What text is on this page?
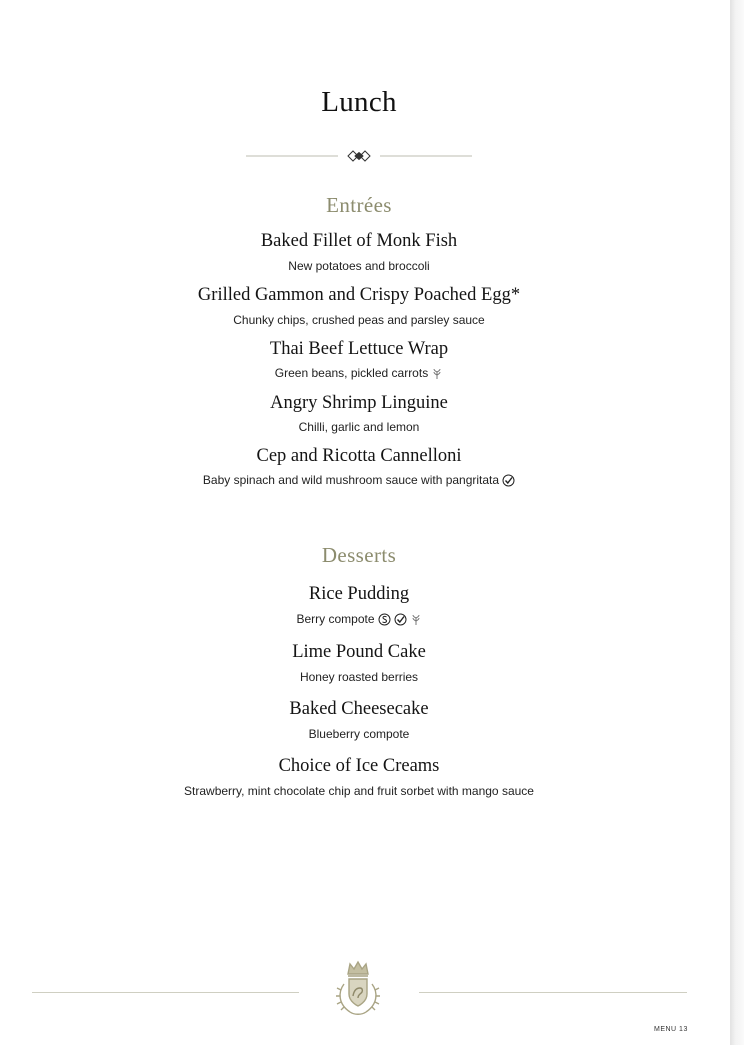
Lunch
Entrées
Baked Fillet of Monk Fish
New potatoes and broccoli
Grilled Gammon and Crispy Poached Egg*
Chunky chips, crushed peas and parsley sauce
Thai Beef Lettuce Wrap
Green beans, pickled carrots
Angry Shrimp Linguine
Chilli, garlic and lemon
Cep and Ricotta Cannelloni
Baby spinach and wild mushroom sauce with pangritata
Desserts
Rice Pudding
Berry compote
Lime Pound Cake
Honey roasted berries
Baked Cheesecake
Blueberry compote
Choice of Ice Creams
Strawberry, mint chocolate chip and fruit sorbet with mango sauce
MENU 13
